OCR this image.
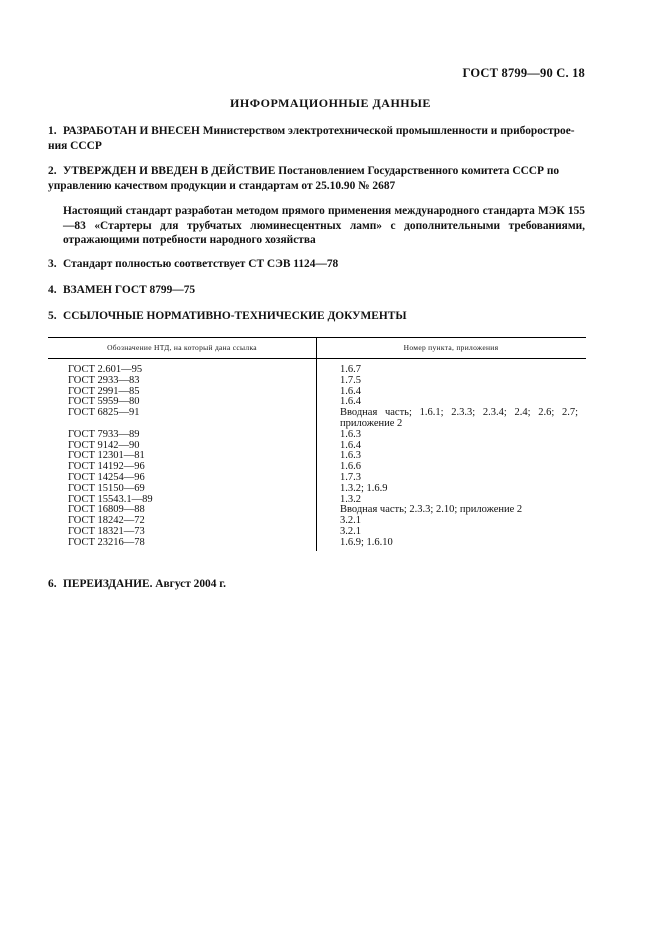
ГОСТ 8799—90 С. 18
ИНФОРМАЦИОННЫЕ ДАННЫЕ
1. РАЗРАБОТАН И ВНЕСЕН Министерством электротехнической промышленности и приборострое-ния СССР
2. УТВЕРЖДЕН И ВВЕДЕН В ДЕЙСТВИЕ Постановлением Государственного комитета СССР по управлению качеством продукции и стандартам от 25.10.90 № 2687
Настоящий стандарт разработан методом прямого применения международного стандарта МЭК 155—83 «Стартеры для трубчатых люминесцентных ламп» с дополнительными требованиями, отражающими потребности народного хозяйства
3. Стандарт полностью соответствует СТ СЭВ 1124—78
4. ВЗАМЕН ГОСТ 8799—75
5. ССЫЛОЧНЫЕ НОРМАТИВНО-ТЕХНИЧЕСКИЕ ДОКУМЕНТЫ
Обозначение НТД, на который дана ссылка	Номер пункта, приложения
ГОСТ 2.601—95	1.6.7
ГОСТ 2933—83	1.7.5
ГОСТ 2991—85	1.6.4
ГОСТ 5959—80	1.6.4
ГОСТ 6825—91	Вводная часть; 1.6.1; 2.3.3; 2.3.4; 2.4; 2.6; 2.7; приложение 2
ГОСТ 7933—89	1.6.3
ГОСТ 9142—90	1.6.4
ГОСТ 12301—81	1.6.3
ГОСТ 14192—96	1.6.6
ГОСТ 14254—96	1.7.3
ГОСТ 15150—69	1.3.2; 1.6.9
ГОСТ 15543.1—89	1.3.2
ГОСТ 16809—88	Вводная часть; 2.3.3; 2.10; приложение 2
ГОСТ 18242—72	3.2.1
ГОСТ 18321—73	3.2.1
ГОСТ 23216—78	1.6.9; 1.6.10
6. ПЕРЕИЗДАНИЕ. Август 2004 г.
